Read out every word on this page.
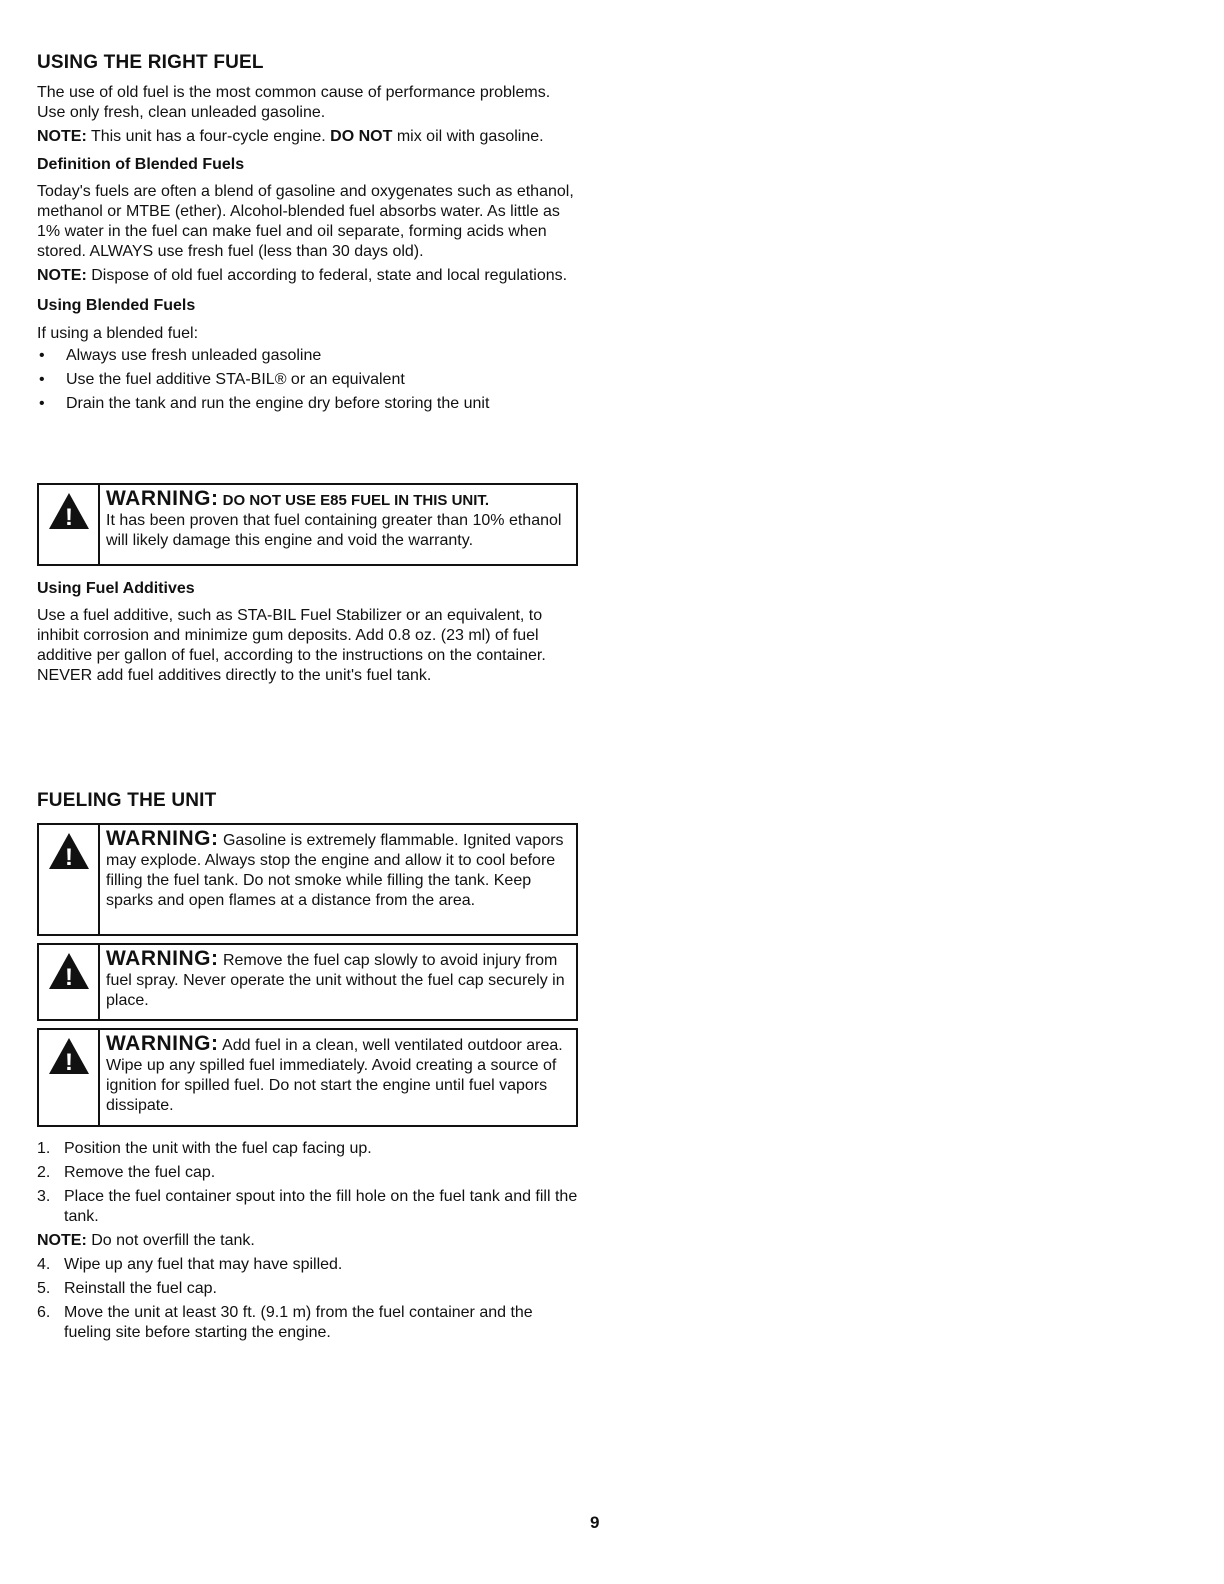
USING THE RIGHT FUEL

The use of old fuel is the most common cause of performance problems. Use only fresh, clean unleaded gasoline.

NOTE: This unit has a four-cycle engine. DO NOT mix oil with gasoline.

Definition of Blended Fuels

Today's fuels are often a blend of gasoline and oxygenates such as ethanol, methanol or MTBE (ether). Alcohol-blended fuel absorbs water. As little as 1% water in the fuel can make fuel and oil separate, forming acids when stored. ALWAYS use fresh fuel (less than 30 days old).

NOTE: Dispose of old fuel according to federal, state and local regulations.

Using Blended Fuels

If using a blended fuel:

• Always use fresh unleaded gasoline
• Use the fuel additive STA-BIL® or an equivalent
• Drain the tank and run the engine dry before storing the unit
!
WARNING: DO NOT USE E85 FUEL IN THIS UNIT.
It has been proven that fuel containing greater than 10% ethanol will likely damage this engine and void the warranty.
Using Fuel Additives

Use a fuel additive, such as STA-BIL Fuel Stabilizer or an equivalent, to inhibit corrosion and minimize gum deposits. Add 0.8 oz. (23 ml) of fuel additive per gallon of fuel, according to the instructions on the container. NEVER add fuel additives directly to the unit's fuel tank.

FUELING THE UNIT
!
WARNING: Gasoline is extremely flammable. Ignited vapors may explode. Always stop the engine and allow it to cool before filling the fuel tank. Do not smoke while filling the tank. Keep sparks and open flames at a distance from the area.
!
WARNING: Remove the fuel cap slowly to avoid injury from fuel spray. Never operate the unit without the fuel cap securely in place.
!
WARNING: Add fuel in a clean, well ventilated outdoor area. Wipe up any spilled fuel immediately. Avoid creating a source of ignition for spilled fuel. Do not start the engine until fuel vapors dissipate.
1. Position the unit with the fuel cap facing up.
2. Remove the fuel cap.
3. Place the fuel container spout into the fill hole on the fuel tank and fill the tank.

NOTE: Do not overfill the tank.

4. Wipe up any fuel that may have spilled.
5. Reinstall the fuel cap.
6. Move the unit at least 30 ft. (9.1 m) from the fuel container and the fueling site before starting the engine.
9
